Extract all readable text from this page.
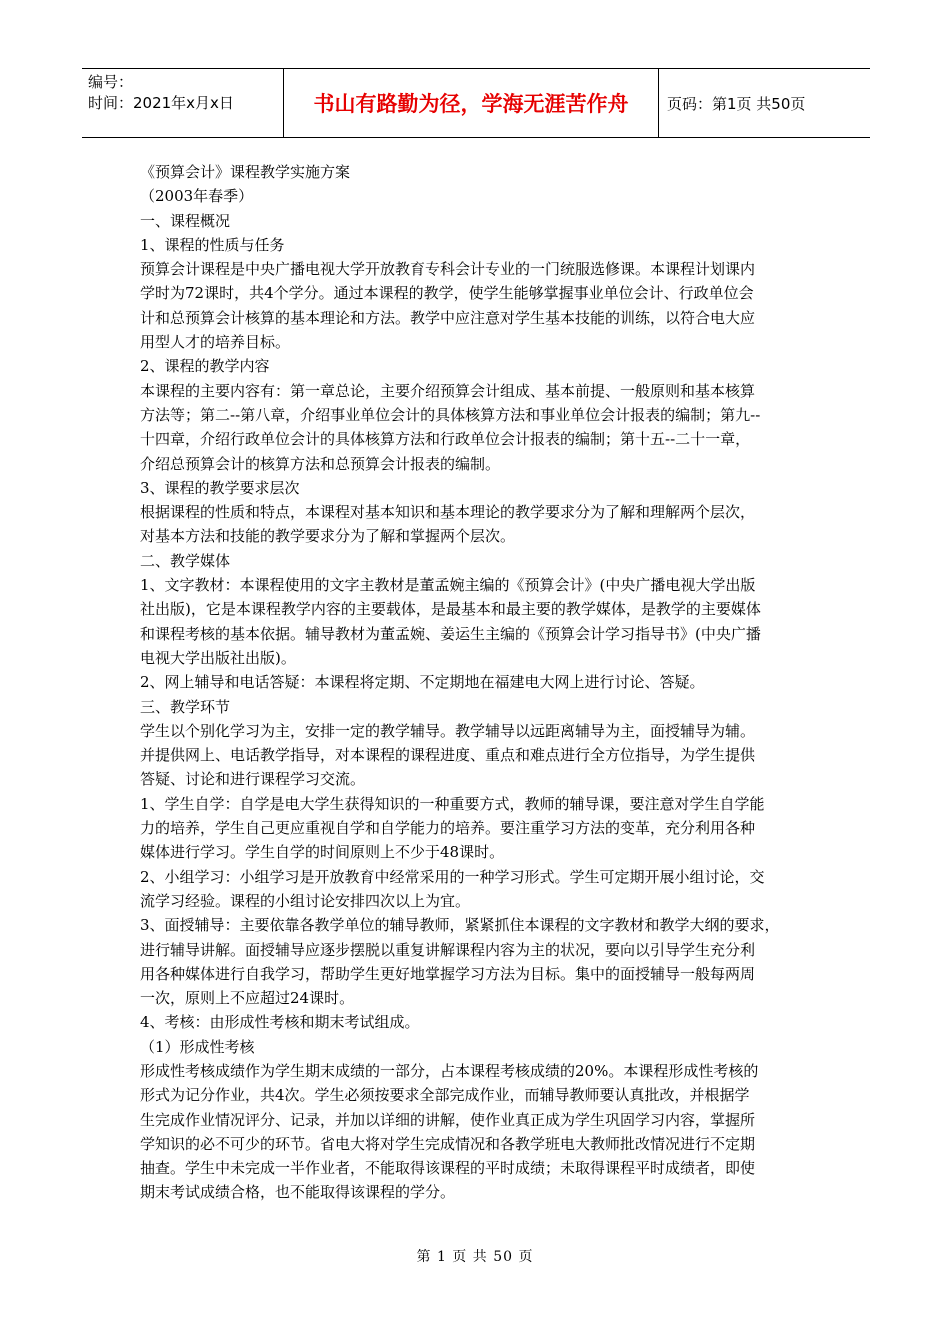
编号：
时间：2021年x月x日	书山有路勤为径，学海无涯苦作舟	页码：第1页 共50页

《预算会计》课程教学实施方案

（2003年春季）

一、课程概况

1、课程的性质与任务

预算会计课程是中央广播电视大学开放教育专科会计专业的一门统服选修课。本课程计划课内

学时为72课时，共4个学分。通过本课程的教学，使学生能够掌握事业单位会计、行政单位会

计和总预算会计核算的基本理论和方法。教学中应注意对学生基本技能的训练，以符合电大应

用型人才的培养目标。

2、课程的教学内容

本课程的主要内容有：第一章总论，主要介绍预算会计组成、基本前提、一般原则和基本核算

方法等；第二--第八章，介绍事业单位会计的具体核算方法和事业单位会计报表的编制；第九--

十四章，介绍行政单位会计的具体核算方法和行政单位会计报表的编制；第十五--二十一章，

介绍总预算会计的核算方法和总预算会计报表的编制。

3、课程的教学要求层次

根据课程的性质和特点，本课程对基本知识和基本理论的教学要求分为了解和理解两个层次，

对基本方法和技能的教学要求分为了解和掌握两个层次。

二、教学媒体

1、文字教材：本课程使用的文字主教材是董孟婉主编的《预算会计》(中央广播电视大学出版

社出版)，它是本课程教学内容的主要载体，是最基本和最主要的教学媒体，是教学的主要媒体

和课程考核的基本依据。辅导教材为董孟婉、姜运生主编的《预算会计学习指导书》(中央广播

电视大学出版社出版)。

2、网上辅导和电话答疑：本课程将定期、不定期地在福建电大网上进行讨论、答疑。

三、教学环节

学生以个别化学习为主，安排一定的教学辅导。教学辅导以远距离辅导为主，面授辅导为辅。

并提供网上、电话教学指导，对本课程的课程进度、重点和难点进行全方位指导，为学生提供

答疑、讨论和进行课程学习交流。

1、学生自学：自学是电大学生获得知识的一种重要方式，教师的辅导课，要注意对学生自学能

力的培养，学生自己更应重视自学和自学能力的培养。要注重学习方法的变革，充分利用各种

媒体进行学习。学生自学的时间原则上不少于48课时。

2、小组学习：小组学习是开放教育中经常采用的一种学习形式。学生可定期开展小组讨论，交

流学习经验。课程的小组讨论安排四次以上为宜。

3、面授辅导：主要依靠各教学单位的辅导教师，紧紧抓住本课程的文字教材和教学大纲的要求，

进行辅导讲解。面授辅导应逐步摆脱以重复讲解课程内容为主的状况，要向以引导学生充分利

用各种媒体进行自我学习，帮助学生更好地掌握学习方法为目标。集中的面授辅导一般每两周

一次，原则上不应超过24课时。

4、考核：由形成性考核和期末考试组成。

（1）形成性考核

形成性考核成绩作为学生期末成绩的一部分，占本课程考核成绩的20%。本课程形成性考核的

形式为记分作业，共4次。学生必须按要求全部完成作业，而辅导教师要认真批改，并根据学

生完成作业情况评分、记录，并加以详细的讲解，使作业真正成为学生巩固学习内容，掌握所

学知识的必不可少的环节。省电大将对学生完成情况和各教学班电大教师批改情况进行不定期

抽查。学生中未完成一半作业者，不能取得该课程的平时成绩；未取得课程平时成绩者，即使

期末考试成绩合格，也不能取得该课程的学分。

第 1 页 共 50 页
